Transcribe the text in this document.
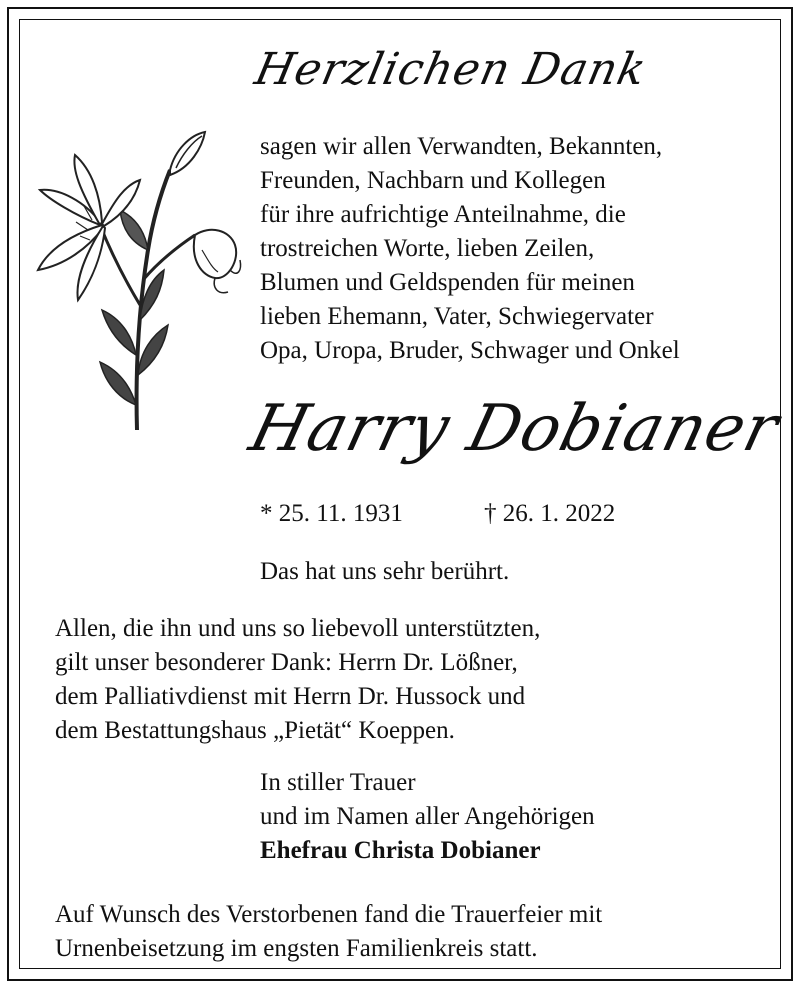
Herzlichen Dank
sagen wir allen Verwandten, Bekannten,
Freunden, Nachbarn und Kollegen
für ihre aufrichtige Anteilnahme, die
trostreichen Worte, lieben Zeilen,
Blumen und Geldspenden für meinen
lieben Ehemann, Vater, Schwiegervater
Opa, Uropa, Bruder, Schwager und Onkel
Harry Dobianer
* 25. 11. 1931	† 26. 1. 2022
Das hat uns sehr berührt.
Allen, die ihn und uns so liebevoll unterstützten,
gilt unser besonderer Dank: Herrn Dr. Lößner,
dem Palliativdienst mit Herrn Dr. Hussock und
dem Bestattungshaus „Pietät“ Koeppen.
In stiller Trauer
und im Namen aller Angehörigen
Ehefrau Christa Dobianer
Auf Wunsch des Verstorbenen fand die Trauerfeier mit
Urnenbeisetzung im engsten Familienkreis statt.
